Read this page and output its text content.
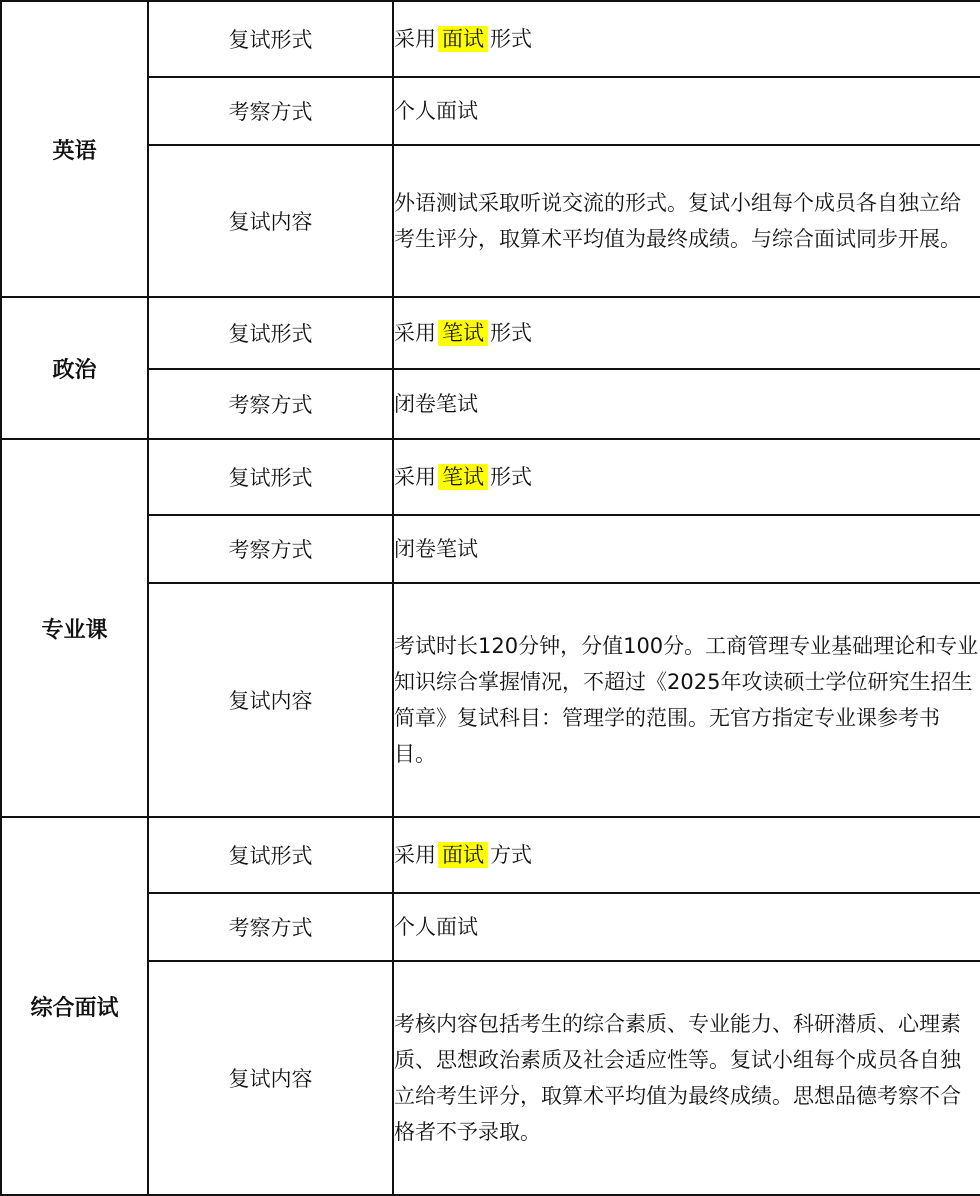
英语	复试形式	采用 面试 形式
	考察方式	个人面试
	复试内容	外语测试采取听说交流的形式。复试小组每个成员各自独立给考生评分，取算术平均值为最终成绩。与综合面试同步开展。
政治	复试形式	采用 笔试 形式
	考察方式	闭卷笔试
专业课	复试形式	采用 笔试 形式
	考察方式	闭卷笔试
	复试内容	考试时长120分钟，分值100分。工商管理专业基础理论和专业知识综合掌握情况，不超过《2025年攻读硕士学位研究生招生简章》复试科目：管理学的范围。无官方指定专业课参考书目。
综合面试	复试形式	采用 面试 方式
	考察方式	个人面试
	复试内容	考核内容包括考生的综合素质、专业能力、科研潜质、心理素质、思想政治素质及社会适应性等。复试小组每个成员各自独立给考生评分，取算术平均值为最终成绩。思想品德考察不合格者不予录取。
